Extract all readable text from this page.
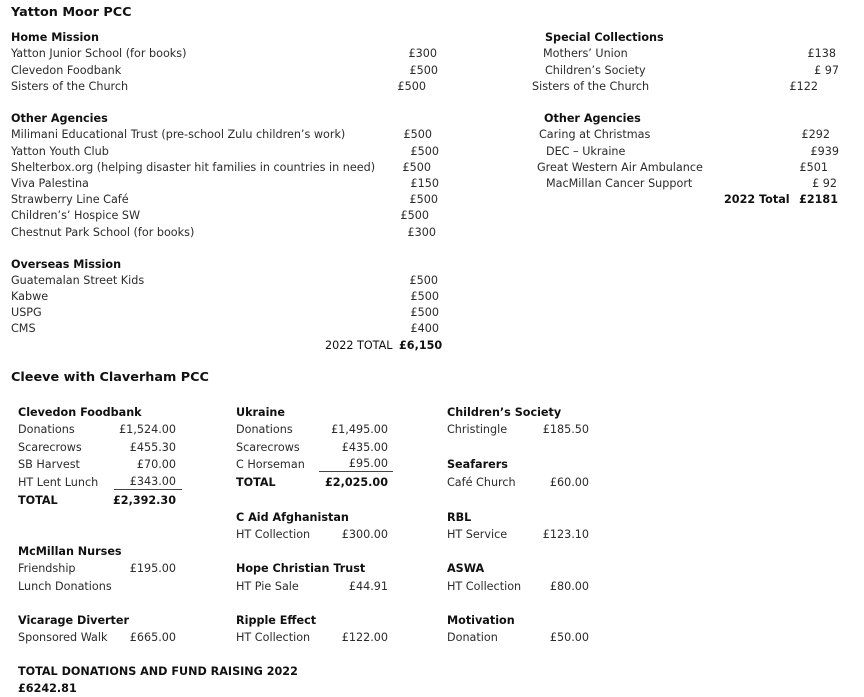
Yatton Moor PCC
Home Mission
Yatton Junior School (for books)	£300
Clevedon Foodbank	£500
Sisters of the Church	£500
Other Agencies
Milimani Educational Trust (pre-school Zulu children’s work)	£500
Yatton Youth Club	£500
Shelterbox.org (helping disaster hit families in countries in need) £500
Viva Palestina	£150
Strawberry Line Café	£500
Children’s’ Hospice SW	£500
Chestnut Park School (for books)	£300
Overseas Mission
Guatemalan Street Kids	£500
Kabwe	£500
USPG	£500
CMS	£400
2022 TOTAL £6,150
Special Collections
Mothers’ Union	£138
Children’s Society	£ 97
Sisters of the Church	£122
Other Agencies
Caring at Christmas	£292
DEC – Ukraine	£939
Great Western Air Ambulance	£501
MacMillan Cancer Support	£ 92
2022 Total £2181
Cleeve with Claverham PCC
Clevedon Foodbank
Donations	£1,524.00
Scarecrows	£455.30
SB Harvest	£70.00
HT Lent Lunch	£343.00
TOTAL	£2,392.30
McMillan Nurses
Friendship	£195.00
Lunch Donations
Vicarage Diverter
Sponsored Walk £665.00
Ukraine
Donations	£1,495.00
Scarecrows	£435.00
C Horseman	£95.00
TOTAL	£2,025.00
C Aid Afghanistan
HT Collection	£300.00
Hope Christian Trust
HT Pie Sale	£44.91
Ripple Effect
HT Collection	£122.00
Children’s Society
Christingle	£185.50
Seafarers
Café Church	£60.00
RBL
HT Service	£123.10
ASWA
HT Collection	£80.00
Motivation
Donation	£50.00
TOTAL DONATIONS AND FUND RAISING 2022
£6242.81
